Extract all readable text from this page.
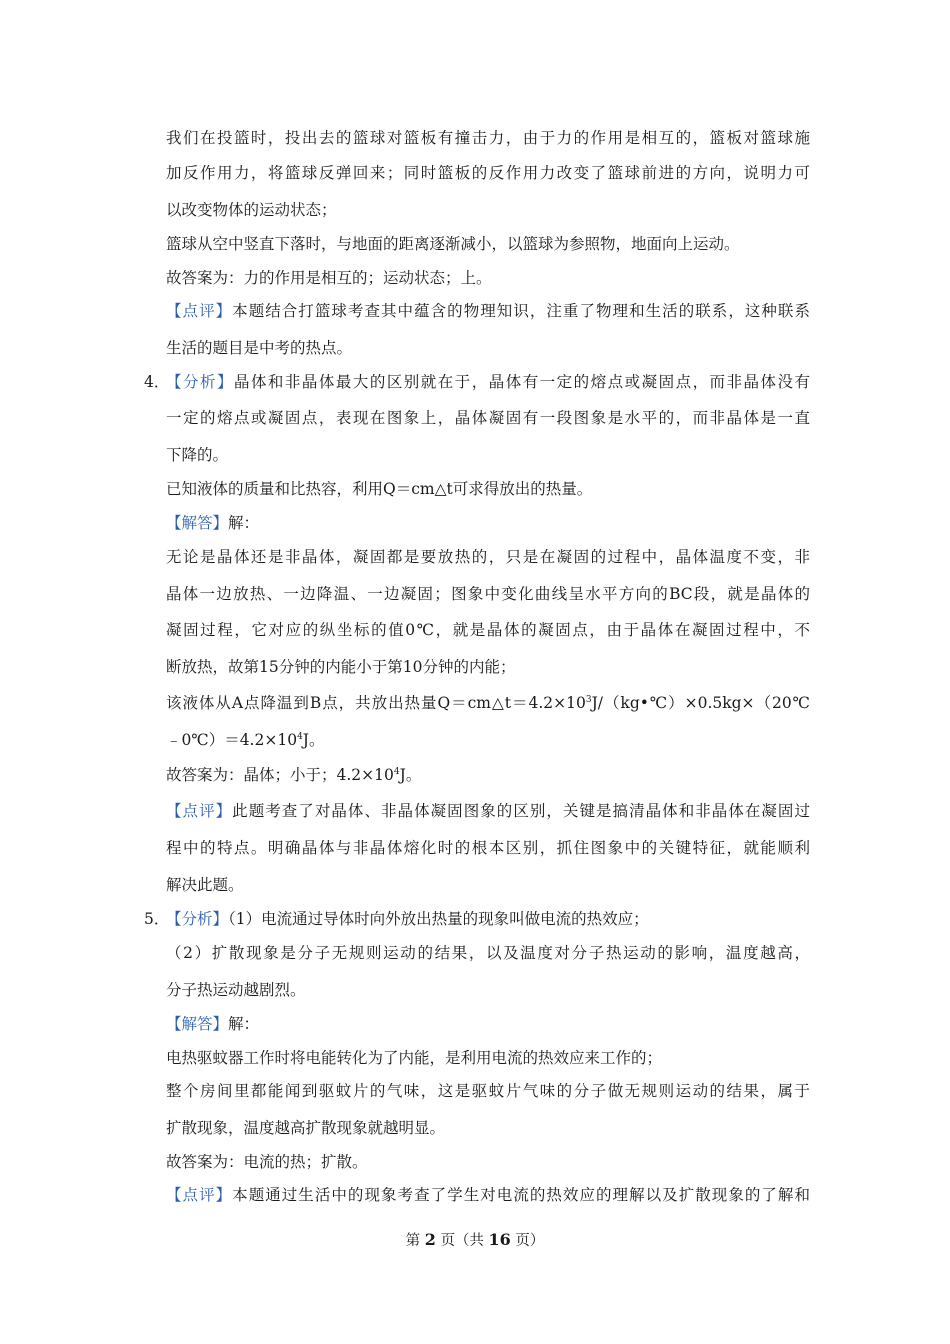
我们在投篮时，投出去的篮球对篮板有撞击力，由于力的作用是相互的，篮板对篮球施
加反作用力，将篮球反弹回来；同时篮板的反作用力改变了篮球前进的方向，说明力可
以改变物体的运动状态；
篮球从空中竖直下落时，与地面的距离逐渐减小，以篮球为参照物，地面向上运动。
故答案为：力的作用是相互的；运动状态；上。
【点评】本题结合打篮球考查其中蕴含的物理知识，注重了物理和生活的联系，这种联系
生活的题目是中考的热点。
4．
【分析】晶体和非晶体最大的区别就在于，晶体有一定的熔点或凝固点，而非晶体没有
一定的熔点或凝固点，表现在图象上，晶体凝固有一段图象是水平的，而非晶体是一直
下降的。
已知液体的质量和比热容，利用Q＝cm△t可求得放出的热量。
【解答】解：
无论是晶体还是非晶体，凝固都是要放热的，只是在凝固的过程中，晶体温度不变，非
晶体一边放热、一边降温、一边凝固；图象中变化曲线呈水平方向的BC段，就是晶体的
凝固过程，它对应的纵坐标的值0℃，就是晶体的凝固点，由于晶体在凝固过程中，不
断放热，故第15分钟的内能小于第10分钟的内能；
该液体从A点降温到B点，共放出热量$Q=cm\triangle t=4.2\times 10^3J/(kg•℃)\times 0.5kg\times(20℃$
$﹣0℃)=4.2\times 10^4J$。
故答案为：晶体；小于；$4.2\times 10^4J$。
【点评】此题考查了对晶体、非晶体凝固图象的区别，关键是搞清晶体和非晶体在凝固过
程中的特点。明确晶体与非晶体熔化时的根本区别，抓住图象中的关键特征，就能顺利
解决此题。
5．
【分析】（1）电流通过导体时向外放出热量的现象叫做电流的热效应；
（2）扩散现象是分子无规则运动的结果，以及温度对分子热运动的影响，温度越高，
分子热运动越剧烈。
【解答】解：
电热驱蚊器工作时将电能转化为了内能，是利用电流的热效应来工作的；
整个房间里都能闻到驱蚊片的气味，这是驱蚊片气味的分子做无规则运动的结果，属于
扩散现象，温度越高扩散现象就越明显。
故答案为：电流的热；扩散。
【点评】本题通过生活中的现象考查了学生对电流的热效应的理解以及扩散现象的了解和
第 2 页（共 16 页）
